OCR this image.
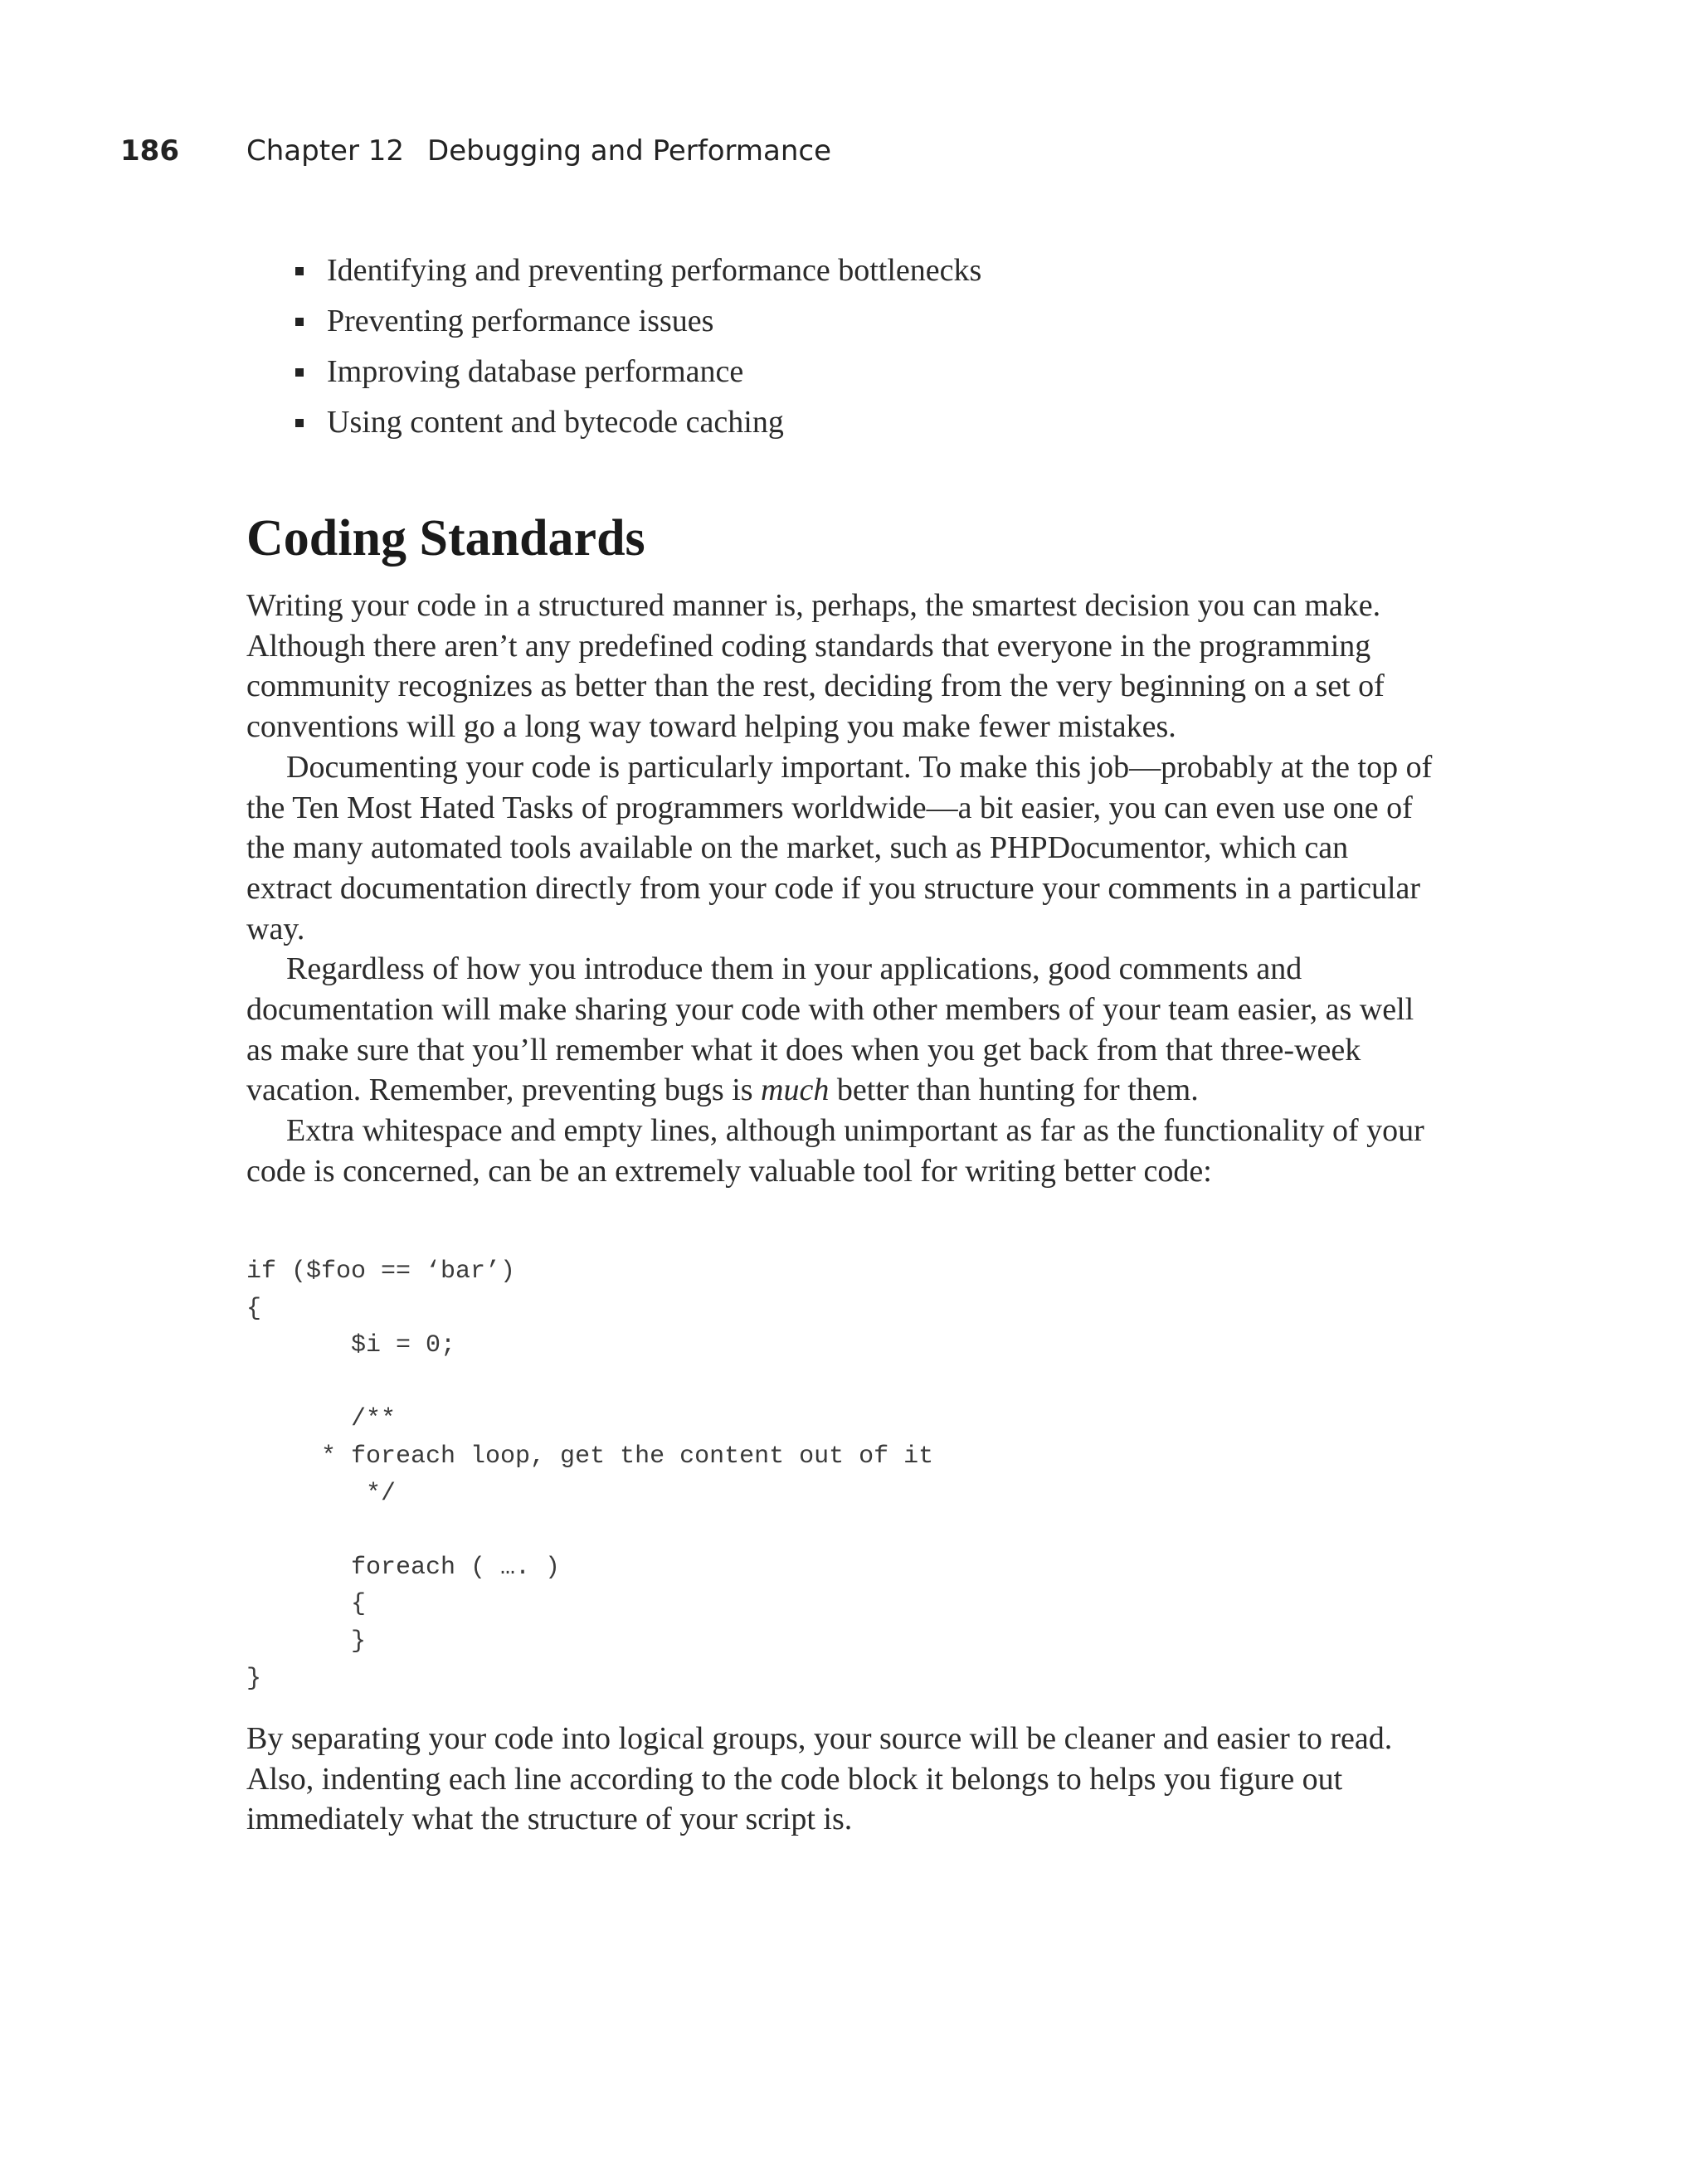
186 Chapter 12 Debugging and Performance
Identifying and preventing performance bottlenecks
Preventing performance issues
Improving database performance
Using content and bytecode caching
Coding Standards

Writing your code in a structured manner is, perhaps, the smartest decision you can make. Although there aren’t any predefined coding standards that everyone in the programming community recognizes as better than the rest, deciding from the very beginning on a set of conventions will go a long way toward helping you make fewer mistakes.

Documenting your code is particularly important. To make this job—probably at the top of the Ten Most Hated Tasks of programmers worldwide—a bit easier, you can even use one of the many automated tools available on the market, such as PHPDocumentor, which can extract documentation directly from your code if you structure your comments in a particular way.

Regardless of how you introduce them in your applications, good comments and documentation will make sharing your code with other members of your team easier, as well as make sure that you’ll remember what it does when you get back from that three-week vacation. Remember, preventing bugs is much better than hunting for them.

Extra whitespace and empty lines, although unimportant as far as the functionality of your code is concerned, can be an extremely valuable tool for writing better code:

if ($foo == ‘bar’)
{
$i = 0;

/**
* foreach loop, get the content out of it
*/

foreach ( …. )
{
}
}

By separating your code into logical groups, your source will be cleaner and easier to read. Also, indenting each line according to the code block it belongs to helps you figure out immediately what the structure of your script is.
